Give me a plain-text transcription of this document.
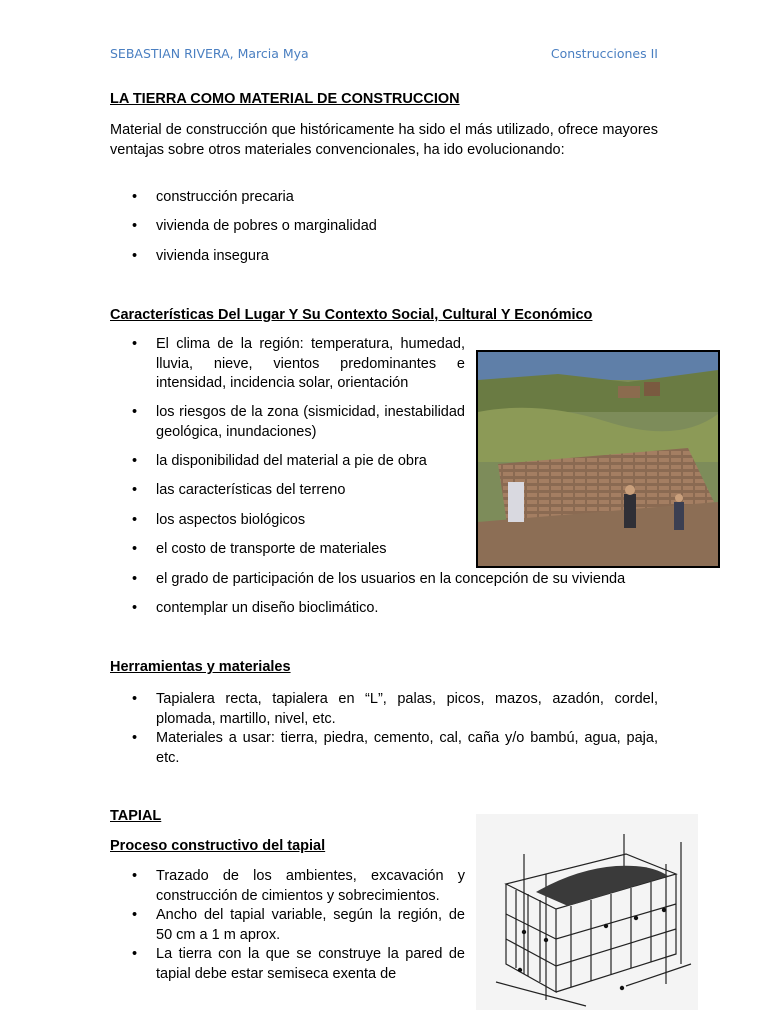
SEBASTIAN RIVERA, Marcia Mya	Construcciones II
LA TIERRA COMO MATERIAL DE CONSTRUCCION
Material de construcción que históricamente ha sido el más utilizado, ofrece mayores ventajas sobre otros materiales convencionales, ha ido evolucionando:
• construcción precaria
• vivienda de pobres o marginalidad
• vivienda insegura
Características Del Lugar Y Su Contexto Social, Cultural Y Económico
• El clima de la región: temperatura, humedad, lluvia, nieve, vientos predominantes e intensidad, incidencia solar, orientación
• los riesgos de la zona (sismicidad, inestabilidad geológica, inundaciones)
• la disponibilidad del material a pie de obra
• las características del terreno
• los aspectos biológicos
• el costo de transporte de materiales
• el grado de participación de los usuarios en la concepción de su vivienda
• contemplar un diseño bioclimático.
Herramientas y materiales
• Tapialera recta, tapialera en “L”, palas, picos, mazos, azadón, cordel, plomada, martillo, nivel, etc.
• Materiales a usar: tierra, piedra, cemento, cal, caña y/o bambú, agua, paja, etc.
TAPIAL
Proceso constructivo del tapial
• Trazado de los ambientes, excavación y construcción de cimientos y sobrecimientos.
• Ancho del tapial variable, según la región, de 50 cm a 1 m aprox.
• La tierra con la que se construye la pared de tapial debe estar semiseca exenta de
